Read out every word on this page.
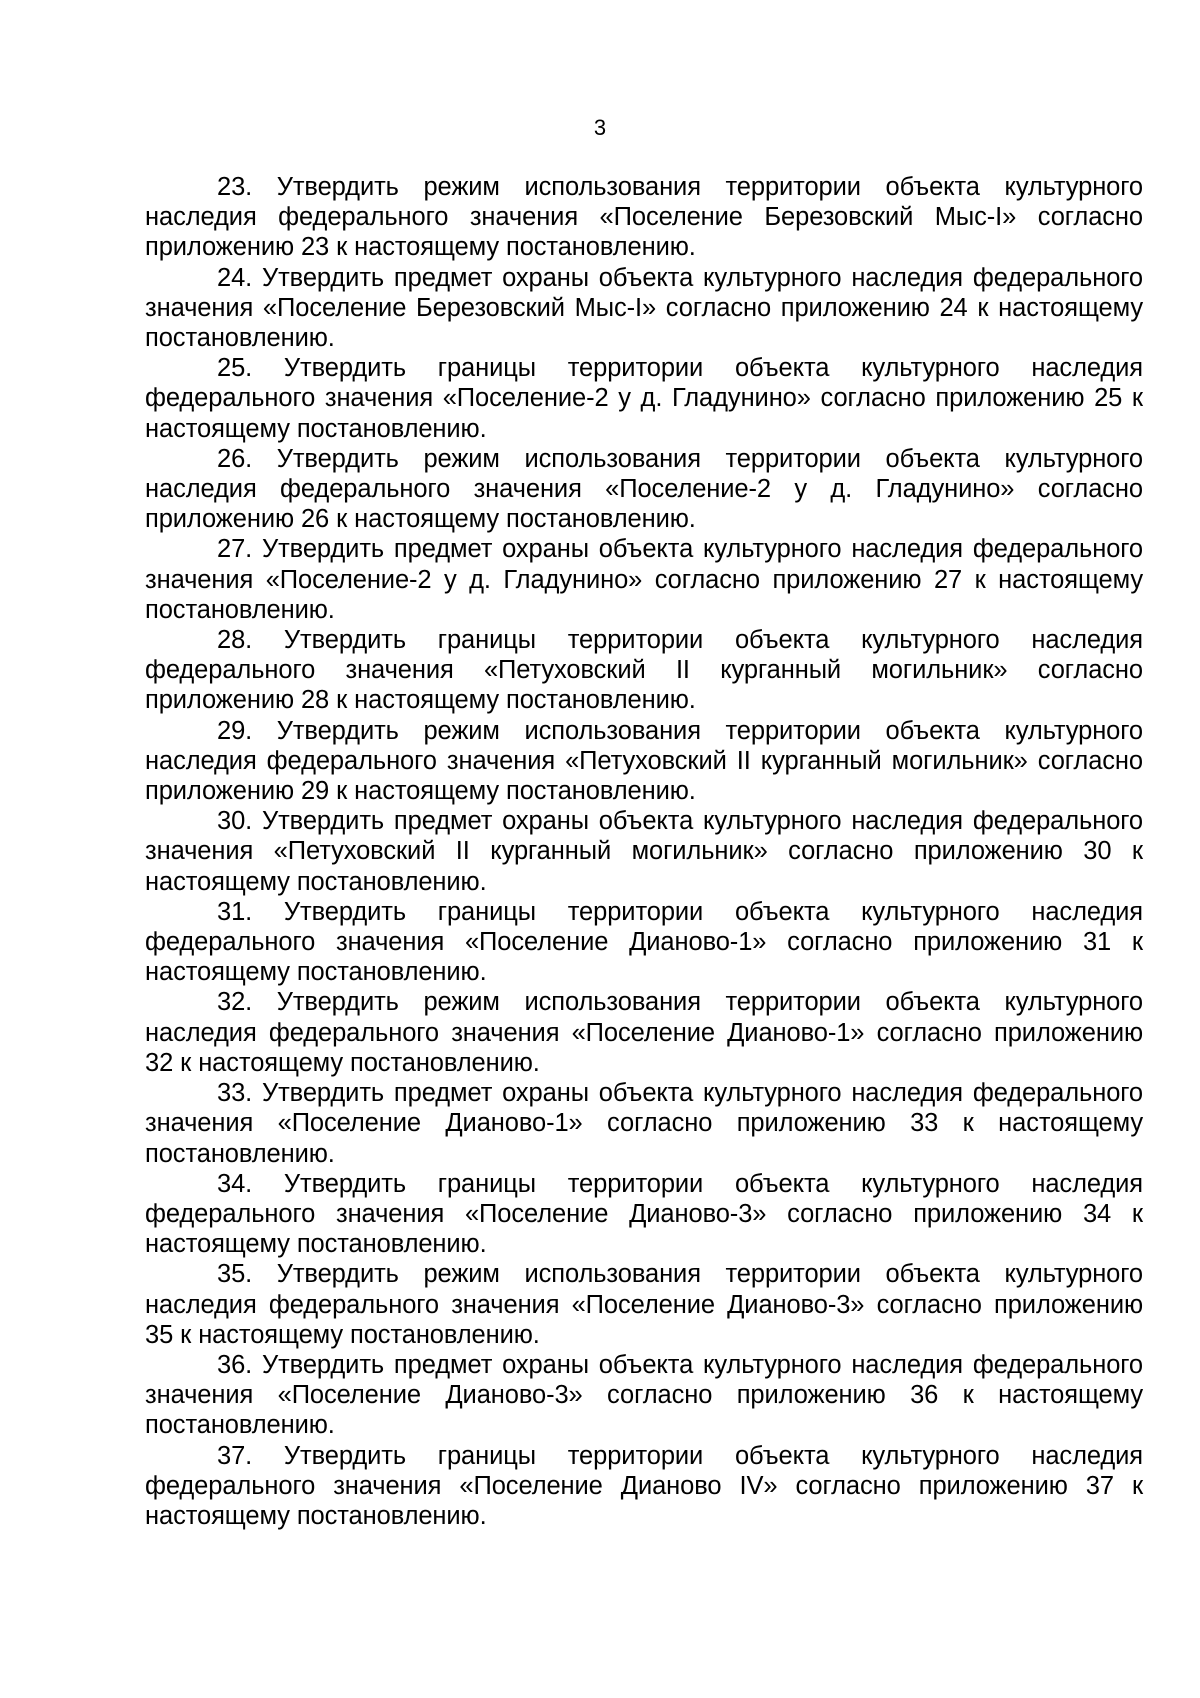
3

23. Утвердить режим использования территории объекта культурного наследия федерального значения «Поселение Березовский Мыс-I» согласно приложению 23 к настоящему постановлению.

24. Утвердить предмет охраны объекта культурного наследия федерального значения «Поселение Березовский Мыс-I» согласно приложению 24 к настоящему постановлению.

25. Утвердить границы территории объекта культурного наследия федерального значения «Поселение-2 у д. Гладунино» согласно приложению 25 к настоящему постановлению.

26. Утвердить режим использования территории объекта культурного наследия федерального значения «Поселение-2 у д. Гладунино» согласно приложению 26 к настоящему постановлению.

27. Утвердить предмет охраны объекта культурного наследия федерального значения «Поселение-2 у д. Гладунино» согласно приложению 27 к настоящему постановлению.

28. Утвердить границы территории объекта культурного наследия федерального значения «Петуховский II курганный могильник» согласно приложению 28 к настоящему постановлению.

29. Утвердить режим использования территории объекта культурного наследия федерального значения «Петуховский II курганный могильник» согласно приложению 29 к настоящему постановлению.

30. Утвердить предмет охраны объекта культурного наследия федерального значения «Петуховский II курганный могильник» согласно приложению 30 к настоящему постановлению.

31. Утвердить границы территории объекта культурного наследия федерального значения «Поселение Дианово-1» согласно приложению 31 к настоящему постановлению.

32. Утвердить режим использования территории объекта культурного наследия федерального значения «Поселение Дианово-1» согласно приложению 32 к настоящему постановлению.

33. Утвердить предмет охраны объекта культурного наследия федерального значения «Поселение Дианово-1» согласно приложению 33 к настоящему постановлению.

34. Утвердить границы территории объекта культурного наследия федерального значения «Поселение Дианово-3» согласно приложению 34 к настоящему постановлению.

35. Утвердить режим использования территории объекта культурного наследия федерального значения «Поселение Дианово-3» согласно приложению 35 к настоящему постановлению.

36. Утвердить предмет охраны объекта культурного наследия федерального значения «Поселение Дианово-3» согласно приложению 36 к настоящему постановлению.

37. Утвердить границы территории объекта культурного наследия федерального значения «Поселение Дианово IV» согласно приложению 37 к настоящему постановлению.
